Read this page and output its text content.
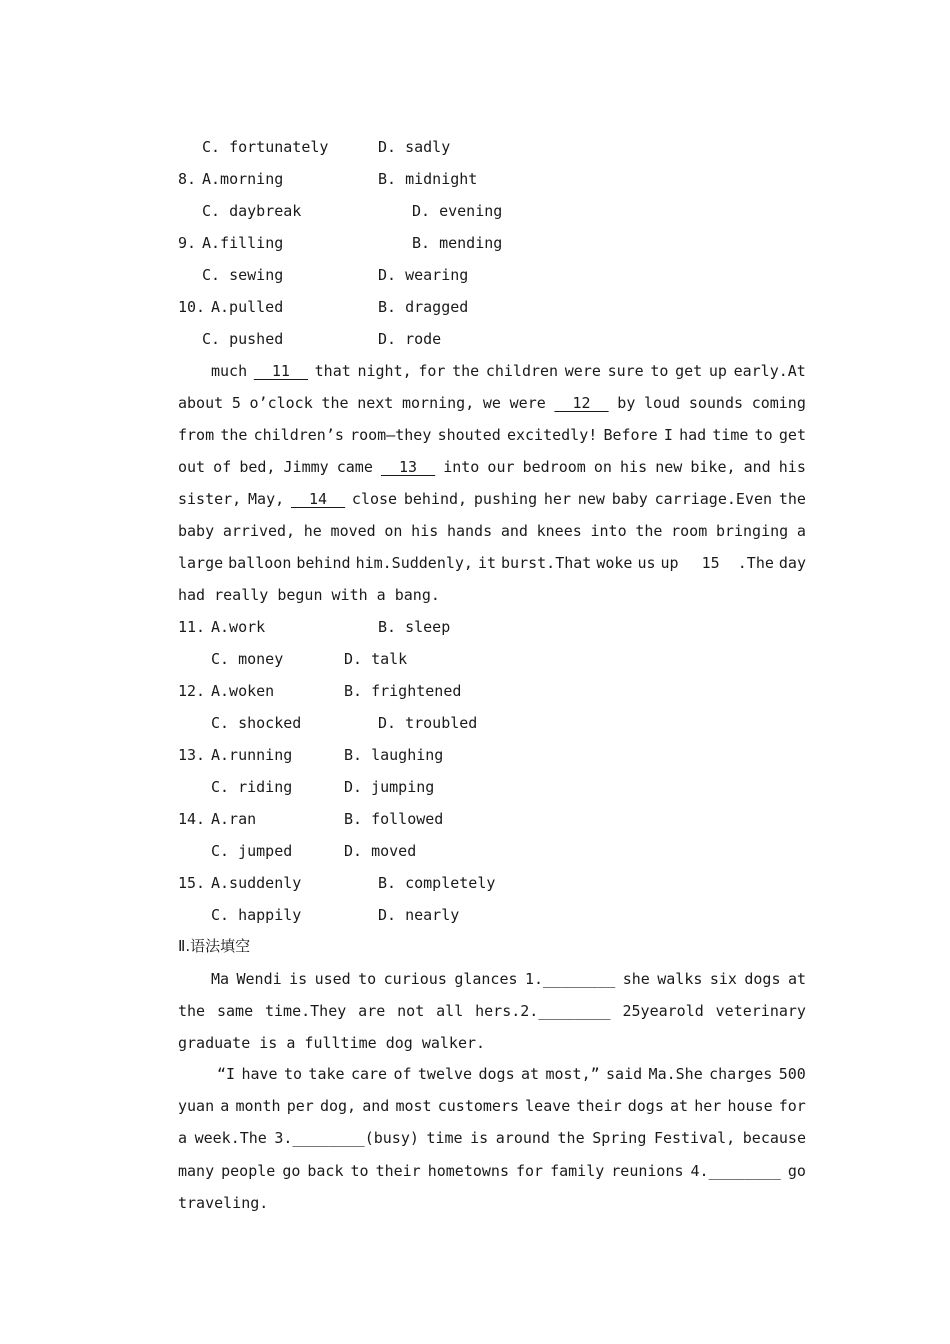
C. fortunately	D. sadly
8. A.morning	B. midnight
C. daybreak	D. evening
9. A.filling	B. mending
C. sewing	D. wearing
10. A.pulled	B. dragged
C. pushed	D. rode
much 11 that night, for the children were sure to get up early.At
about 5 o’clock the next morning, we were 12 by loud sounds coming
from the children’s room—they shouted excitedly! Before I had time to get
out of bed, Jimmy came 13 into our bedroom on his new bike, and his
sister, May, 14 close behind, pushing her new baby carriage.Even the
baby arrived, he moved on his hands and knees into the room bringing a
large balloon behind him.Suddenly, it burst.That woke us up 15  .The day
had really begun with a bang.
11. A.work	B. sleep
C. money	D. talk
12. A.woken	B. frightened
C. shocked	D. troubled
13. A.running	B. laughing
C. riding	D. jumping
14. A.ran	B. followed
C. jumped	D. moved
15. A.suddenly	B. completely
C. happily	D. nearly
Ⅱ.语法填空
Ma Wendi is used to curious glances 1.________ she walks six dogs at
the same time.They are not all hers.2.________ 25yearold veterinary
graduate is a fulltime dog walker.
“I have to take care of twelve dogs at most,” said Ma.She charges 500
yuan a month per dog, and most customers leave their dogs at her house for
a week.The 3.________(busy) time is around the Spring Festival, because
many people go back to their hometowns for family reunions 4.________ go
traveling.
